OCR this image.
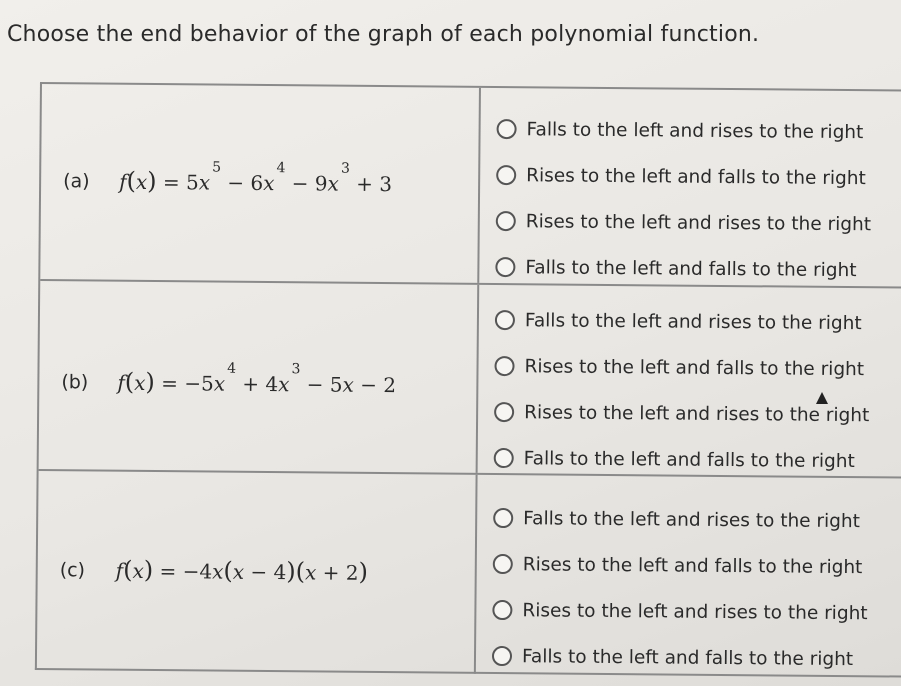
Choose the end behavior of the graph of each polynomial function.
(a) $f(x) = 5x^5 - 6x^4 - 9x^3 + 3$
Falls to the left and rises to the right
Rises to the left and falls to the right
Rises to the left and rises to the right
Falls to the left and falls to the right
(b) $f(x) = -5x^4 + 4x^3 - 5x - 2$
Falls to the left and rises to the right
Rises to the left and falls to the right
Rises to the left and rises to the right
Falls to the left and falls to the right
(c) f(x) = −4x(x − 4)(x + 2)
Falls to the left and rises to the right
Rises to the left and falls to the right
Rises to the left and rises to the right
Falls to the left and falls to the right
